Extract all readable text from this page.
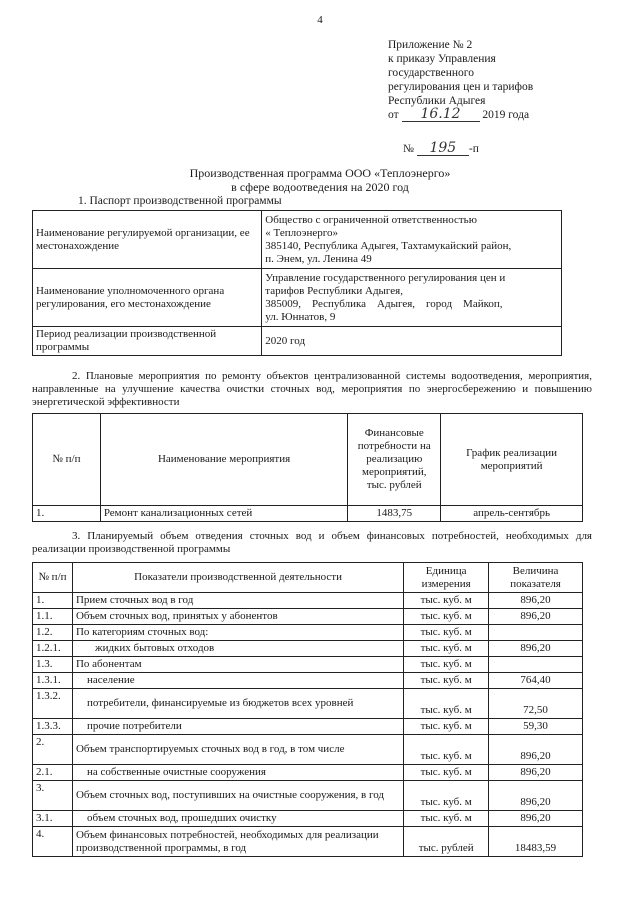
4
Приложение № 2
к приказу Управления
государственного
регулирования цен и тарифов
Республики Адыгея
от 16.12 2019 года
№ 195 -п
Производственная программа ООО «Теплоэнерго»
в сфере водоотведения на 2020 год
1. Паспорт производственной программы
Наименование регулируемой организации, ее местонахождение	Общество с ограниченной ответственностью
« Теплоэнерго»
385140, Республика Адыгея, Тахтамукайский район,
п. Энем, ул. Ленина 49

Наименование уполномоченного органа регулирования, его местонахождение	Управление государственного регулирования цен и
тарифов Республики Адыгея,
385009,    Республика    Адыгея,    город    Майкоп,
ул. Юннатов, 9

Период реализации производственной программы	2020 год
2. Плановые мероприятия по ремонту объектов централизованной системы водоотведения, мероприятия, направленные на улучшение качества очистки сточных вод, мероприятия по энергосбережению и повышению энергетической эффективности
№ п/п	Наименование мероприятия	Финансовые потребности на реализацию мероприятий, тыс. рублей	График реализации мероприятий
1.	Ремонт канализационных сетей	1483,75	апрель-сентябрь
3. Планируемый объем отведения сточных вод и объем финансовых потребностей, необходимых для реализации производственной программы
№ п/п	Показатели производственной деятельности	Единица измерения	Величина показателя
1.	Прием сточных вод в год	тыс. куб. м	896,20
1.1.	Объем сточных вод, принятых у абонентов	тыс. куб. м	896,20
1.2.	По категориям сточных вод:	тыс. куб. м	
1.2.1.	жидких бытовых отходов	тыс. куб. м	896,20
1.3.	По абонентам	тыс. куб. м	
1.3.1.	население	тыс. куб. м	764,40
1.3.2.	потребители, финансируемые из бюджетов всех уровней	тыс. куб. м	72,50
1.3.3.	прочие потребители	тыс. куб. м	59,30
2.	Объем транспортируемых сточных вод в год, в том числе	тыс. куб. м	896,20
2.1.	на собственные очистные сооружения	тыс. куб. м	896,20
3.	Объем сточных вод, поступивших на очистные сооружения, в год	тыс. куб. м	896,20
3.1.	объем сточных вод, прошедших очистку	тыс. куб. м	896,20
4.	Объем финансовых потребностей, необходимых для реализации производственной программы, в год	тыс. рублей	18483,59
